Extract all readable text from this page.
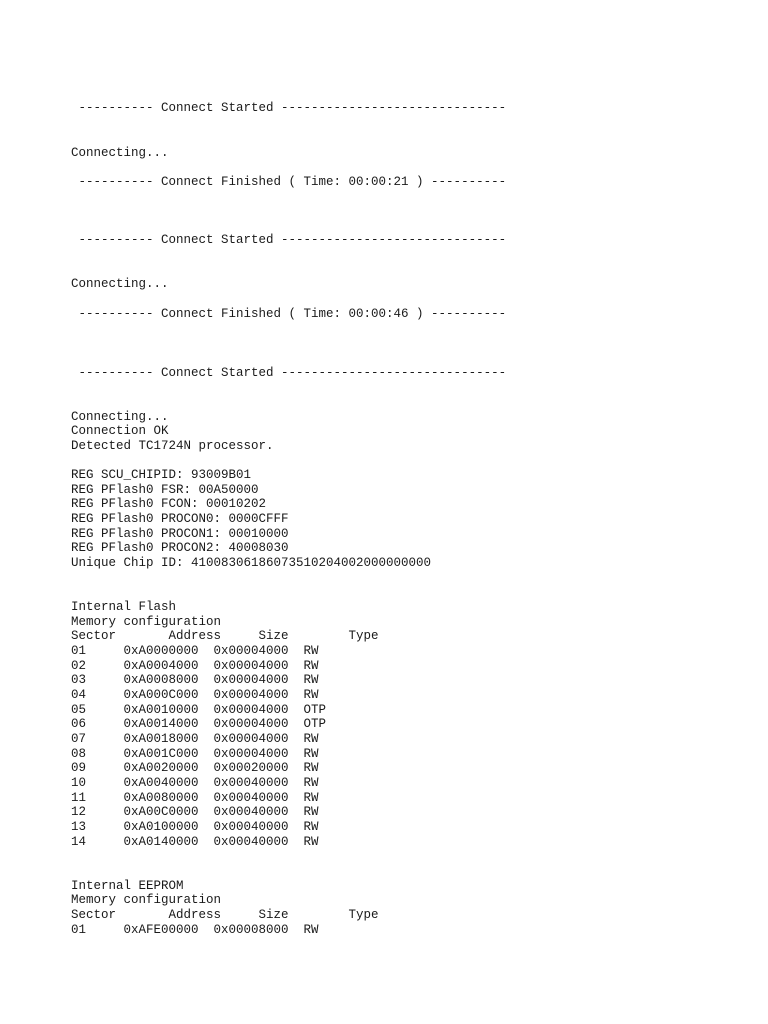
---------- Connect Started ------------------------------
Connecting...
---------- Connect Finished ( Time: 00:00:21 ) ----------
---------- Connect Started ------------------------------
Connecting...
---------- Connect Finished ( Time: 00:00:46 ) ----------
---------- Connect Started ------------------------------
Connecting...
Connection OK
Detected TC1724N processor.
REG SCU_CHIPID: 93009B01
REG PFlash0 FSR: 00A50000
REG PFlash0 FCON: 00010202
REG PFlash0 PROCON0: 0000CFFF
REG PFlash0 PROCON1: 00010000
REG PFlash0 PROCON2: 40008030
Unique Chip ID: 41008306186073510204002000000000
Internal Flash
Memory configuration
Sector       Address     Size        Type
01     0xA0000000  0x00004000  RW
02     0xA0004000  0x00004000  RW
03     0xA0008000  0x00004000  RW
04     0xA000C000  0x00004000  RW
05     0xA0010000  0x00004000  OTP
06     0xA0014000  0x00004000  OTP
07     0xA0018000  0x00004000  RW
08     0xA001C000  0x00004000  RW
09     0xA0020000  0x00020000  RW
10     0xA0040000  0x00040000  RW
11     0xA0080000  0x00040000  RW
12     0xA00C0000  0x00040000  RW
13     0xA0100000  0x00040000  RW
14     0xA0140000  0x00040000  RW
Internal EEPROM
Memory configuration
Sector       Address     Size        Type
01     0xAFE00000  0x00008000  RW
